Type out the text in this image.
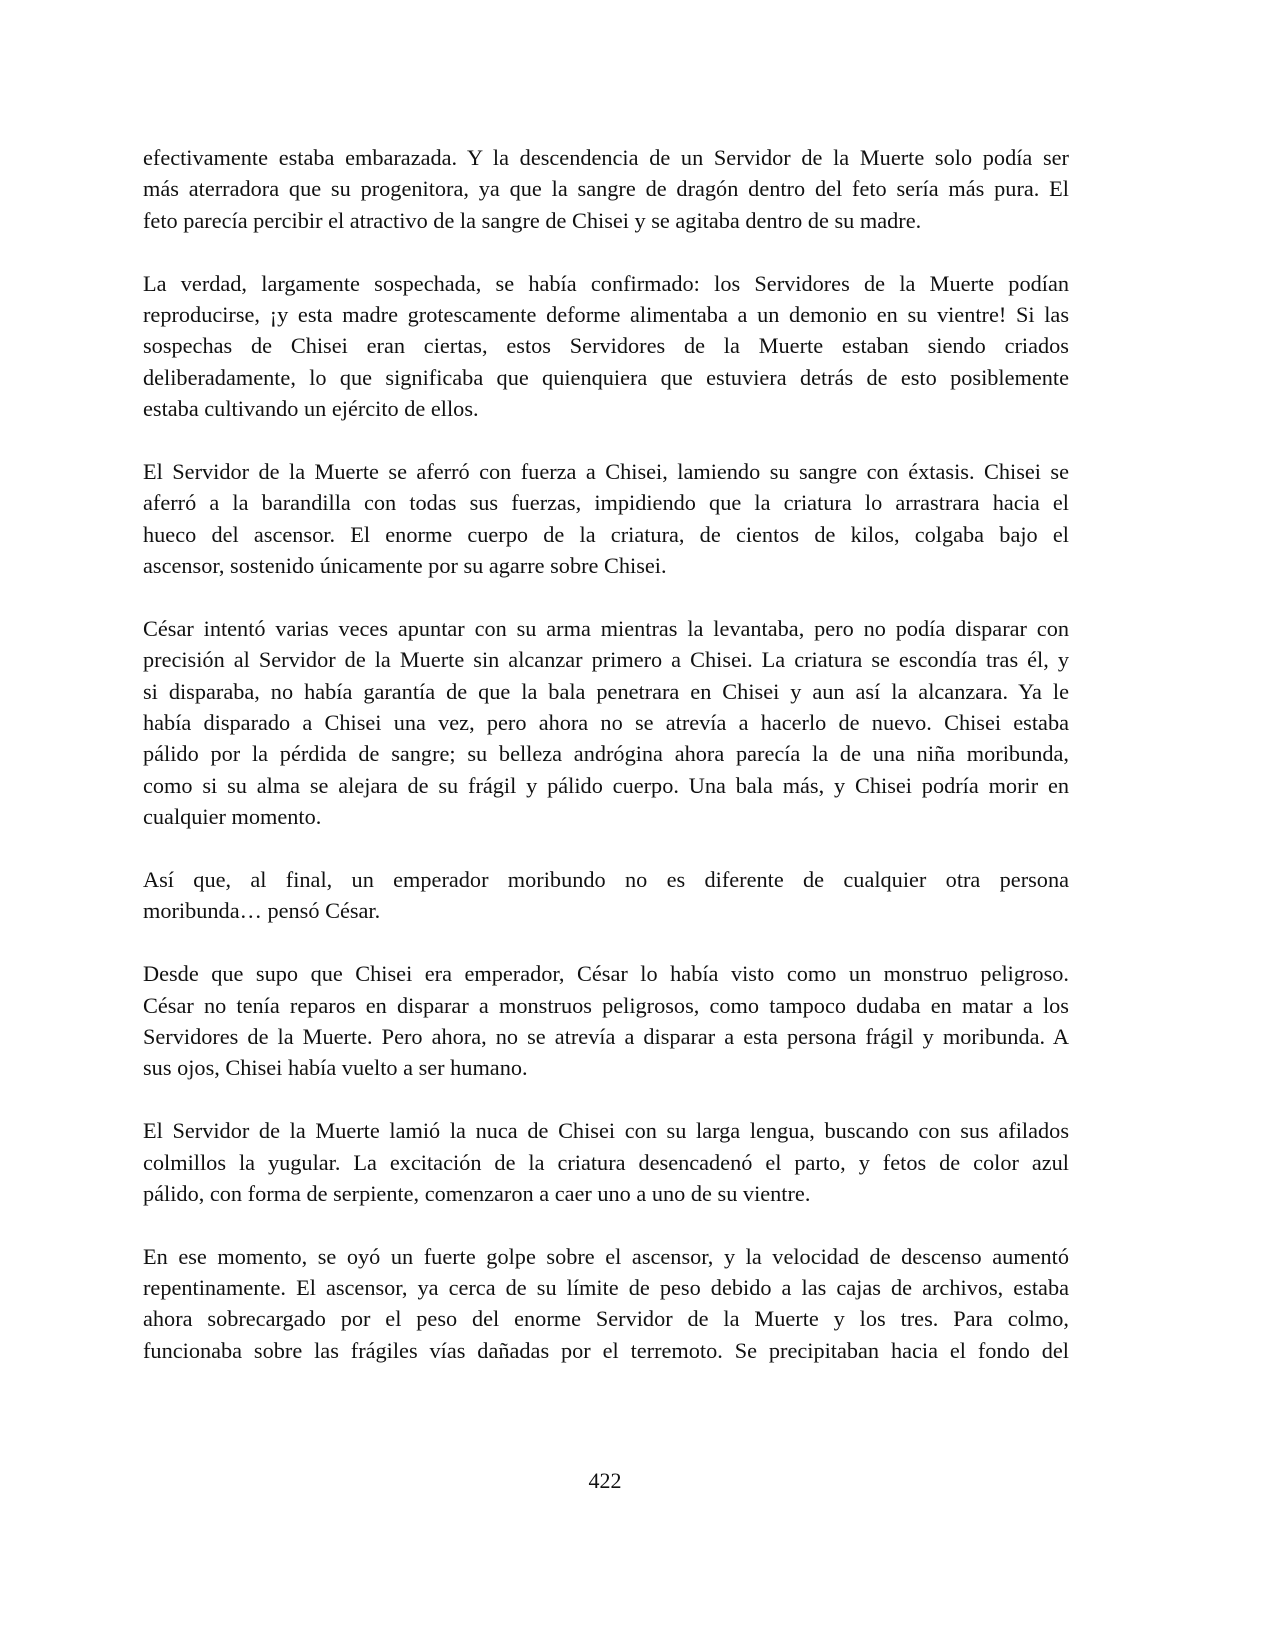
efectivamente estaba embarazada. Y la descendencia de un Servidor de la Muerte solo podía ser
más aterradora que su progenitora, ya que la sangre de dragón dentro del feto sería más pura. El
feto parecía percibir el atractivo de la sangre de Chisei y se agitaba dentro de su madre.
La verdad, largamente sospechada, se había confirmado: los Servidores de la Muerte podían
reproducirse, ¡y esta madre grotescamente deforme alimentaba a un demonio en su vientre! Si las
sospechas de Chisei eran ciertas, estos Servidores de la Muerte estaban siendo criados
deliberadamente, lo que significaba que quienquiera que estuviera detrás de esto posiblemente
estaba cultivando un ejército de ellos.
El Servidor de la Muerte se aferró con fuerza a Chisei, lamiendo su sangre con éxtasis. Chisei se
aferró a la barandilla con todas sus fuerzas, impidiendo que la criatura lo arrastrara hacia el
hueco del ascensor. El enorme cuerpo de la criatura, de cientos de kilos, colgaba bajo el
ascensor, sostenido únicamente por su agarre sobre Chisei.
César intentó varias veces apuntar con su arma mientras la levantaba, pero no podía disparar con
precisión al Servidor de la Muerte sin alcanzar primero a Chisei. La criatura se escondía tras él, y
si disparaba, no había garantía de que la bala penetrara en Chisei y aun así la alcanzara. Ya le
había disparado a Chisei una vez, pero ahora no se atrevía a hacerlo de nuevo. Chisei estaba
pálido por la pérdida de sangre; su belleza andrógina ahora parecía la de una niña moribunda,
como si su alma se alejara de su frágil y pálido cuerpo. Una bala más, y Chisei podría morir en
cualquier momento.
Así que, al final, un emperador moribundo no es diferente de cualquier otra persona
moribunda… pensó César.
Desde que supo que Chisei era emperador, César lo había visto como un monstruo peligroso.
César no tenía reparos en disparar a monstruos peligrosos, como tampoco dudaba en matar a los
Servidores de la Muerte. Pero ahora, no se atrevía a disparar a esta persona frágil y moribunda. A
sus ojos, Chisei había vuelto a ser humano.
El Servidor de la Muerte lamió la nuca de Chisei con su larga lengua, buscando con sus afilados
colmillos la yugular. La excitación de la criatura desencadenó el parto, y fetos de color azul
pálido, con forma de serpiente, comenzaron a caer uno a uno de su vientre.
En ese momento, se oyó un fuerte golpe sobre el ascensor, y la velocidad de descenso aumentó
repentinamente. El ascensor, ya cerca de su límite de peso debido a las cajas de archivos, estaba
ahora sobrecargado por el peso del enorme Servidor de la Muerte y los tres. Para colmo,
funcionaba sobre las frágiles vías dañadas por el terremoto. Se precipitaban hacia el fondo del
422
